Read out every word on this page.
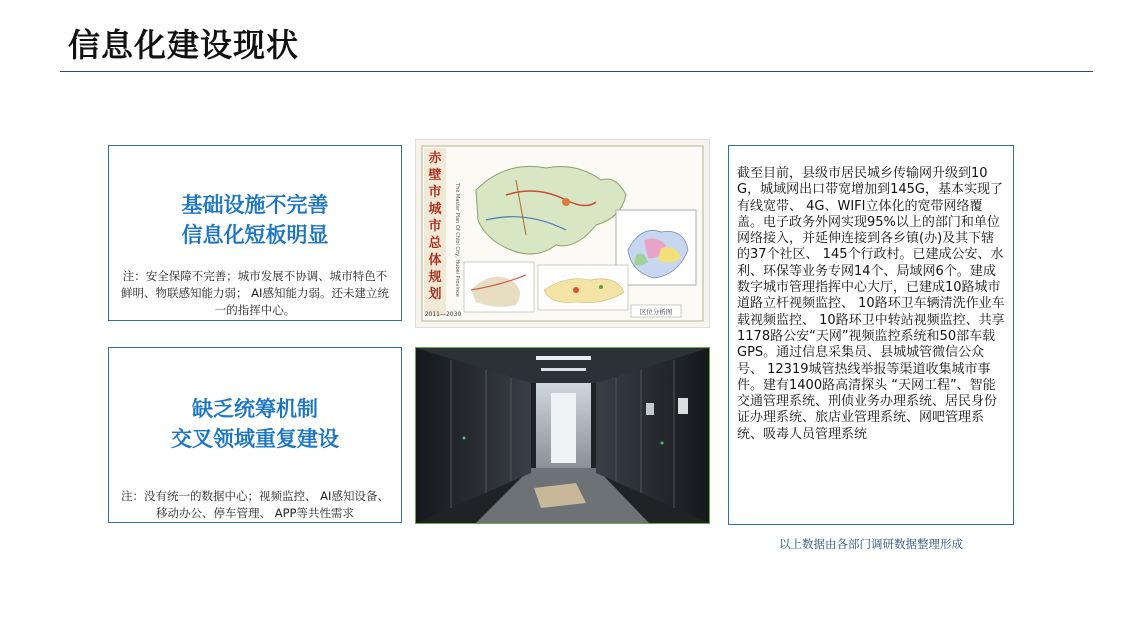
信息化建设现状
基础设施不完善
信息化短板明显
注：安全保障不完善；城市发展不协调、城市特色不鲜明、物联感知能力弱； AI感知能力弱。还未建立统一的指挥中心。
缺乏统筹机制
交叉领域重复建设
注：没有统一的数据中心；视频监控、 AI感知设备、移动办公、停车管理、 APP等共性需求
赤壁市城市总体规划 The Master Plan Of Chibi City, Hubei Province
2011—2030	区位分析图
截至目前，县级市居民城乡传输网升级到10G，城域网出口带宽增加到145G，基本实现了有线宽带、 4G、WIFI立体化的宽带网络覆盖。电子政务外网实现95%以上的部门和单位网络接入，并延伸连接到各乡镇(办)及其下辖的37个社区、 145个行政村。已建成公安、水利、环保等业务专网14个、局域网6个。建成数字城市管理指挥中心大厅，已建成10路城市道路立杆视频监控、 10路环卫车辆清洗作业车载视频监控、 10路环卫中转站视频监控、共享1178路公安“天网”视频监控系统和50部车载GPS。通过信息采集员、县城城管微信公众号、 12319城管热线举报等渠道收集城市事件。建有1400路高清探头 “天网工程”、智能交通管理系统、刑侦业务办理系统、居民身份证办理系统、旅店业管理系统、网吧管理系统、吸毒人员管理系统
以上数据由各部门调研数据整理形成
